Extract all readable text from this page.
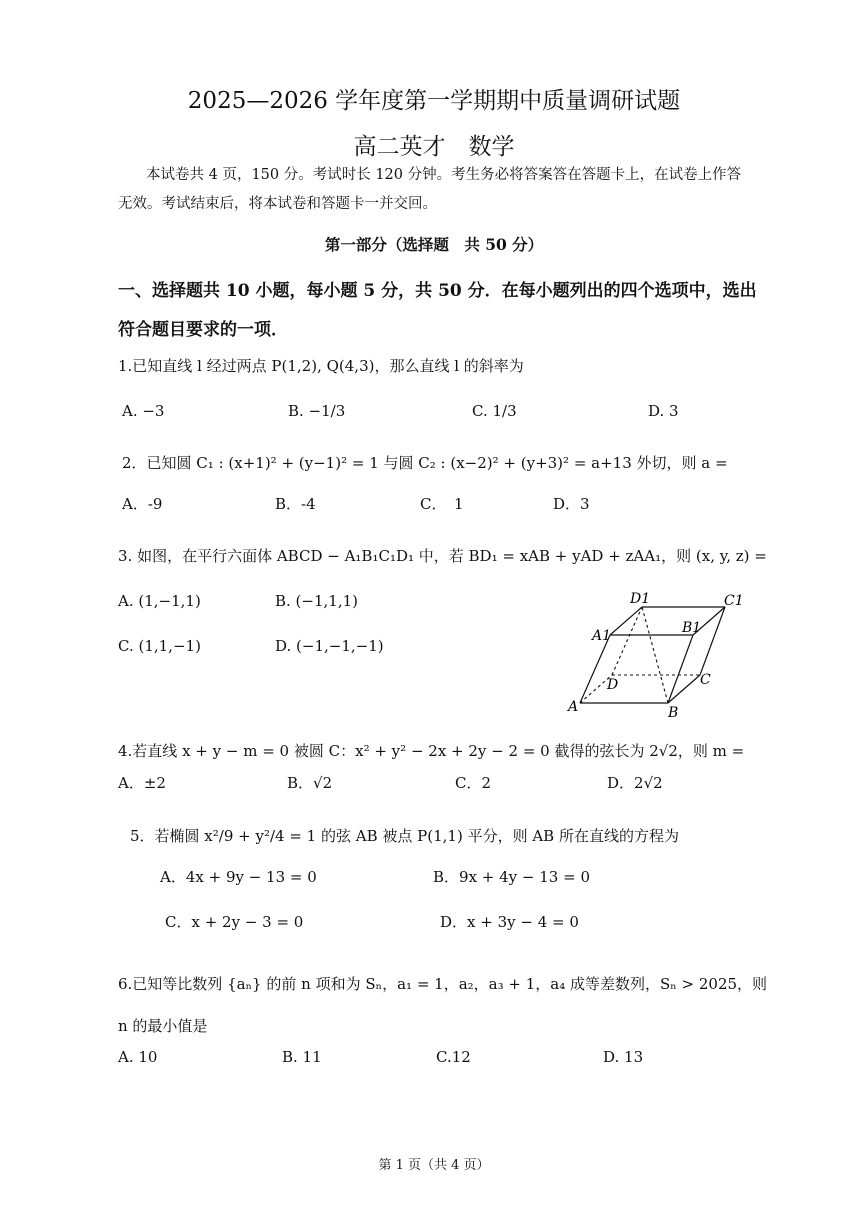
2025—2026 学年度第一学期期中质量调研试题
高二英才　数学
本试卷共 4 页，150 分。考试时长 120 分钟。考生务必将答案答在答题卡上，在试卷上作答无效。考试结束后，将本试卷和答题卡一并交回。
第一部分（选择题　共 50 分）
一、选择题共 10 小题，每小题 5 分，共 50 分．在每小题列出的四个选项中，选出符合题目要求的一项．
1.已知直线 l 经过两点 P(1,2), Q(4,3)，那么直线 l 的斜率为
A. −3	B. −1/3	C. 1/3	D. 3
2．已知圆 C₁ : (x+1)² + (y−1)² = 1 与圆 C₂ : (x−2)² + (y+3)² = a+13 外切，则 a =
A．-9	B．-4	C．　1	D．3
3. 如图，在平行六面体 ABCD − A₁B₁C₁D₁ 中，若 BD₁ = xAB + yAD + zAA₁，则 (x, y, z) =
A. (1,−1,1)	B. (−1,1,1)
C. (1,1,−1)	D. (−1,−1,−1)
D1	C1
A1	B1
D	C
A	B
4.若直线 x + y − m = 0 被圆 C：x² + y² − 2x + 2y − 2 = 0 截得的弦长为 2√2，则 m =
A．±2	B．√2	C．2	D．2√2
5．若椭圆 x²/9 + y²/4 = 1 的弦 AB 被点 P(1,1) 平分，则 AB 所在直线的方程为
A．4x + 9y − 13 = 0	B．9x + 4y − 13 = 0
C．x + 2y − 3 = 0	D．x + 3y − 4 = 0
6.已知等比数列 {aₙ} 的前 n 项和为 Sₙ，a₁ = 1，a₂，a₃ + 1，a₄ 成等差数列，Sₙ > 2025，则
n 的最小值是
A. 10	B. 11	C.12	D. 13
第 1 页（共 4 页）
